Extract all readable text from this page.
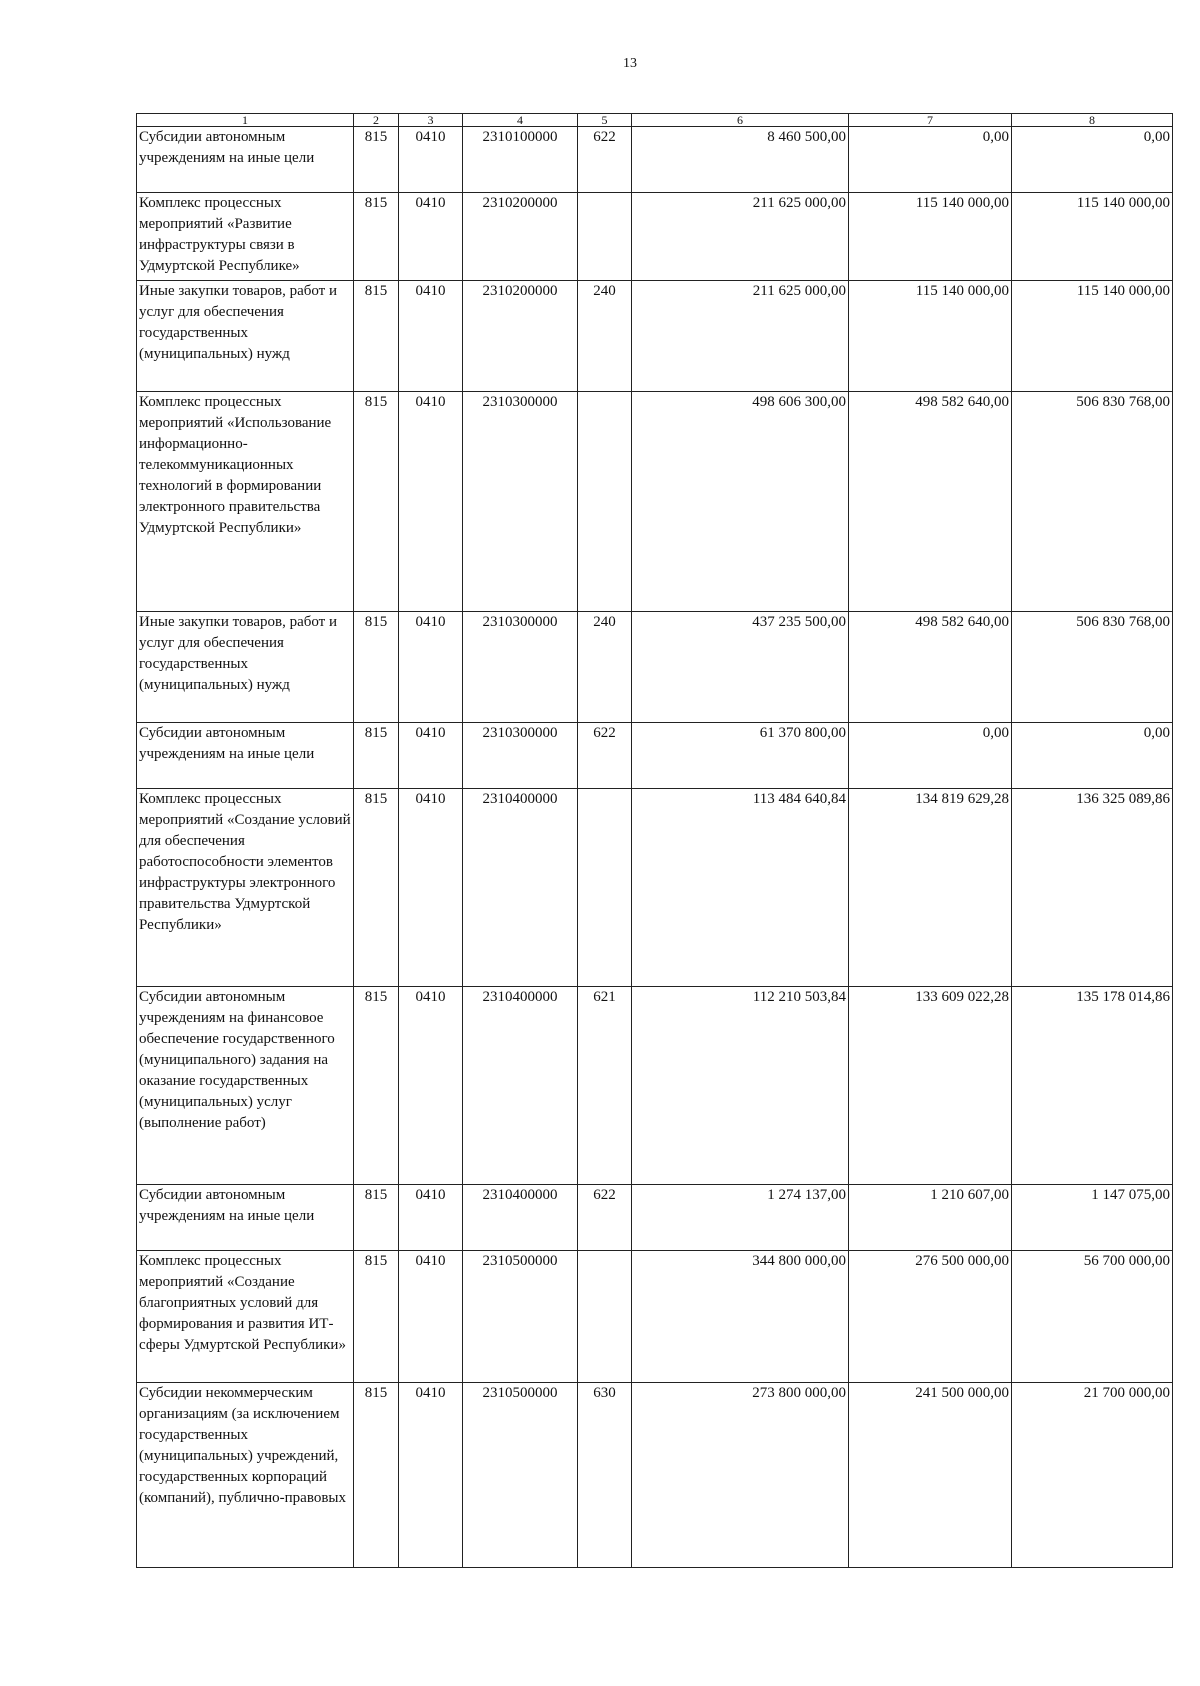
13
1	2	3	4	5	6	7	8
Субсидии автономным учреждениям на иные цели	815	0410	2310100000	622	8 460 500,00	0,00	0,00
Комплекс процессных мероприятий «Развитие инфраструктуры связи в Удмуртской Республике»	815	0410	2310200000		211 625 000,00	115 140 000,00	115 140 000,00
Иные закупки товаров, работ и услуг для обеспечения государственных (муниципальных) нужд	815	0410	2310200000	240	211 625 000,00	115 140 000,00	115 140 000,00
Комплекс процессных мероприятий «Использование информационно-телекоммуникационных технологий в формировании электронного правительства Удмуртской Республики»	815	0410	2310300000		498 606 300,00	498 582 640,00	506 830 768,00
Иные закупки товаров, работ и услуг для обеспечения государственных (муниципальных) нужд	815	0410	2310300000	240	437 235 500,00	498 582 640,00	506 830 768,00
Субсидии автономным учреждениям на иные цели	815	0410	2310300000	622	61 370 800,00	0,00	0,00
Комплекс процессных мероприятий «Создание условий для обеспечения работоспособности элементов инфраструктуры электронного правительства Удмуртской Республики»	815	0410	2310400000		113 484 640,84	134 819 629,28	136 325 089,86
Субсидии автономным учреждениям на финансовое обеспечение государственного (муниципального) задания на оказание государственных (муниципальных) услуг (выполнение работ)	815	0410	2310400000	621	112 210 503,84	133 609 022,28	135 178 014,86
Субсидии автономным учреждениям на иные цели	815	0410	2310400000	622	1 274 137,00	1 210 607,00	1 147 075,00
Комплекс процессных мероприятий «Создание благоприятных условий для формирования и развития ИТ-сферы Удмуртской Республики»	815	0410	2310500000		344 800 000,00	276 500 000,00	56 700 000,00
Субсидии некоммерческим организациям (за исключением государственных (муниципальных) учреждений, государственных корпораций (компаний), публично-правовых	815	0410	2310500000	630	273 800 000,00	241 500 000,00	21 700 000,00
